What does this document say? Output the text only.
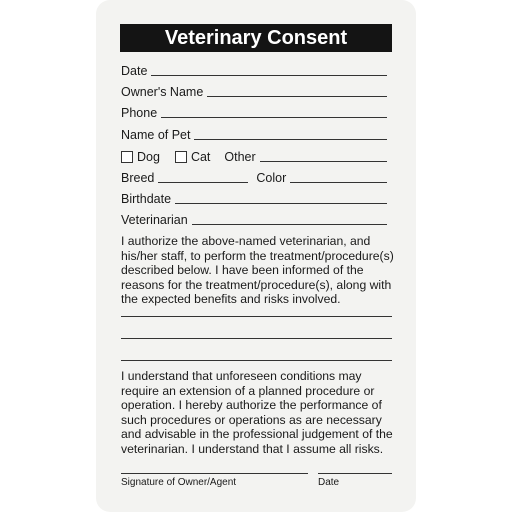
Veterinary Consent
Date
Owner's Name
Phone
Name of Pet
Dog Cat Other
Breed	Color
Birthdate
Veterinarian
I authorize the above-named veterinarian, and
his/her staff, to perform the treatment/procedure(s)
described below. I have been informed of the
reasons for the treatment/procedure(s), along with
the expected benefits and risks involved.
I understand that unforeseen conditions may
require an extension of a planned procedure or
operation. I hereby authorize the performance of
such procedures or operations as are necessary
and advisable in the professional judgement of the
veterinarian. I understand that I assume all risks.
Signature of Owner/Agent	Date
